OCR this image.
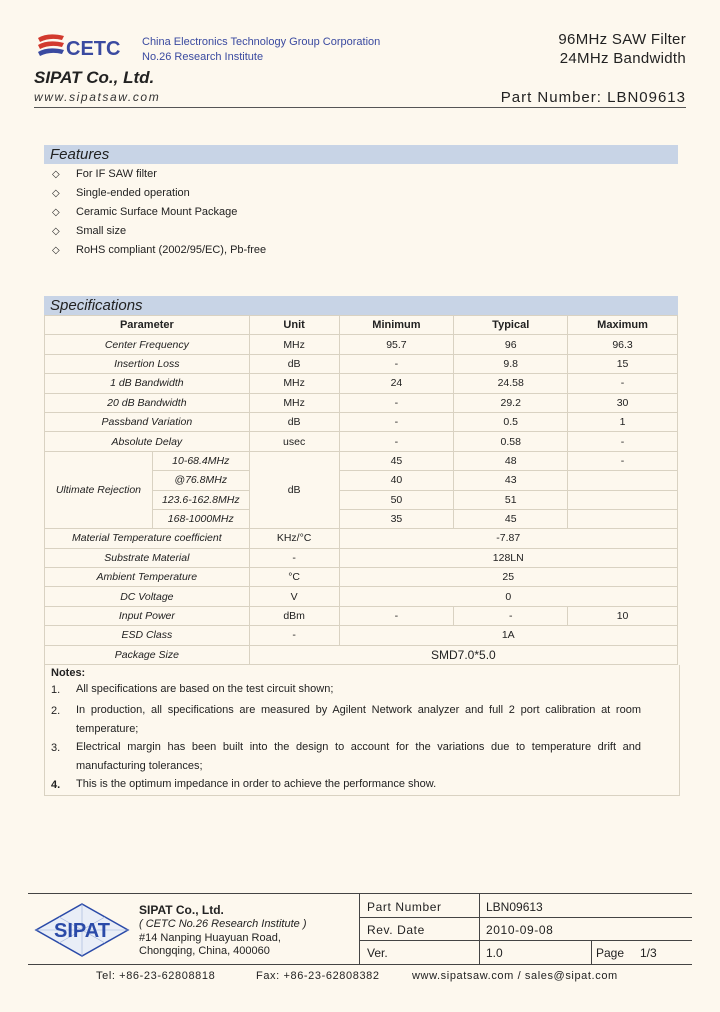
CETC China Electronics Technology Group Corporation
No.26 Research Institute
96MHz SAW Filter
24MHz Bandwidth
SIPAT Co., Ltd.
www.sipatsaw.com	Part Number: LBN09613
Features
◇ For IF SAW filter
◇ Single-ended operation
◇ Ceramic Surface Mount Package
◇ Small size
◇ RoHS compliant (2002/95/EC), Pb-free
Specifications
Parameter		Unit	Minimum	Typical	Maximum
Center Frequency		MHz	95.7	96	96.3
Insertion Loss		dB	-	9.8	15
1 dB Bandwidth		MHz	24	24.58	-
20 dB Bandwidth		MHz	-	29.2	30
Passband Variation		dB	-	0.5	1
Absolute Delay		usec	-	0.58	-
Ultimate Rejection	10-68.4MHz	dB	45	48	-
	@76.8MHz		40	43	
	123.6-162.8MHz		50	51	
	168-1000MHz		35	45	
Material Temperature coefficient		KHz/°C	-7.87		
Substrate Material		-	128LN		
Ambient Temperature		°C	25		
DC Voltage		V	0		
Input Power		dBm	-	-	10
ESD Class		-	1A		
Package Size		SMD7.0*5.0			
Notes:
1. All specifications are based on the test circuit shown;
2. In production, all specifications are measured by Agilent Network analyzer and full 2 port calibration at room temperature;
3. Electrical margin has been built into the design to account for the variations due to temperature drift and manufacturing tolerances;
4. This is the optimum impedance in order to achieve the performance show.
SIPAT
SIPAT Co., Ltd.
( CETC No.26 Research Institute )
#14 Nanping Huayuan Road,
Chongqing, China, 400060
Part Number	LBN09613
Rev. Date	2010-09-08
Ver.	1.0	Page 1/3
Tel: +86-23-62808818	Fax: +86-23-62808382	www.sipatsaw.com / sales@sipat.com
